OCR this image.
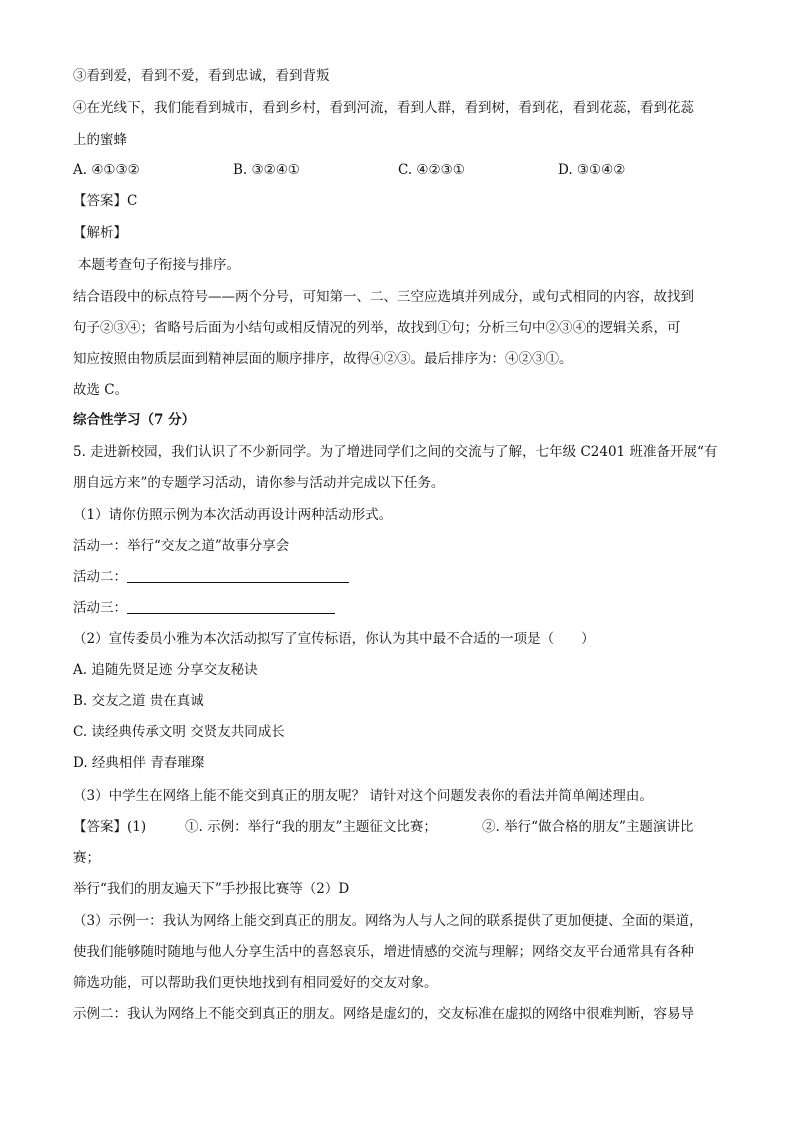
③看到爱，看到不爱，看到忠诚，看到背叛
④在光线下，我们能看到城市，看到乡村，看到河流，看到人群，看到树，看到花，看到花蕊，看到花蕊
上的蜜蜂
A. ④①③②	B. ③②④①	C. ④②③①	D. ③①④②
【答案】C
【解析】
本题考查句子衔接与排序。
结合语段中的标点符号——两个分号，可知第一、二、三空应选填并列成分，或句式相同的内容，故找到
句子②③④；省略号后面为小结句或相反情况的列举，故找到①句；分析三句中②③④的逻辑关系，可
知应按照由物质层面到精神层面的顺序排序，故得④②③。最后排序为：④②③①。
故选 C。
综合性学习（7 分）
5. 走进新校园，我们认识了不少新同学。为了增进同学们之间的交流与了解，七年级 C2401 班准备开展“有
朋自远方来”的专题学习活动，请你参与活动并完成以下任务。
（1）请你仿照示例为本次活动再设计两种活动形式。
活动一：举行“交友之道”故事分享会
活动二：
活动三：
（2）宣传委员小雅为本次活动拟写了宣传标语，你认为其中最不合适的一项是（　　）
A. 追随先贤足迹 分享交友秘诀
B. 交友之道 贵在真诚
C. 读经典传承文明 交贤友共同成长
D. 经典相伴 青春璀璨
（3）中学生在网络上能不能交到真正的朋友呢？ 请针对这个问题发表你的看法并简单阐述理由。
【答案】(1)	①. 示例：举行“我的朋友”主题征文比赛；	②. 举行“做合格的朋友”主题演讲比
赛；
举行“我们的朋友遍天下”手抄报比赛等（2）D
（3）示例一：我认为网络上能交到真正的朋友。网络为人与人之间的联系提供了更加便捷、全面的渠道，
使我们能够随时随地与他人分享生活中的喜怒哀乐，增进情感的交流与理解；网络交友平台通常具有各种
筛选功能，可以帮助我们更快地找到有相同爱好的交友对象。
示例二：我认为网络上不能交到真正的朋友。网络是虚幻的，交友标准在虚拟的网络中很难判断，容易导
